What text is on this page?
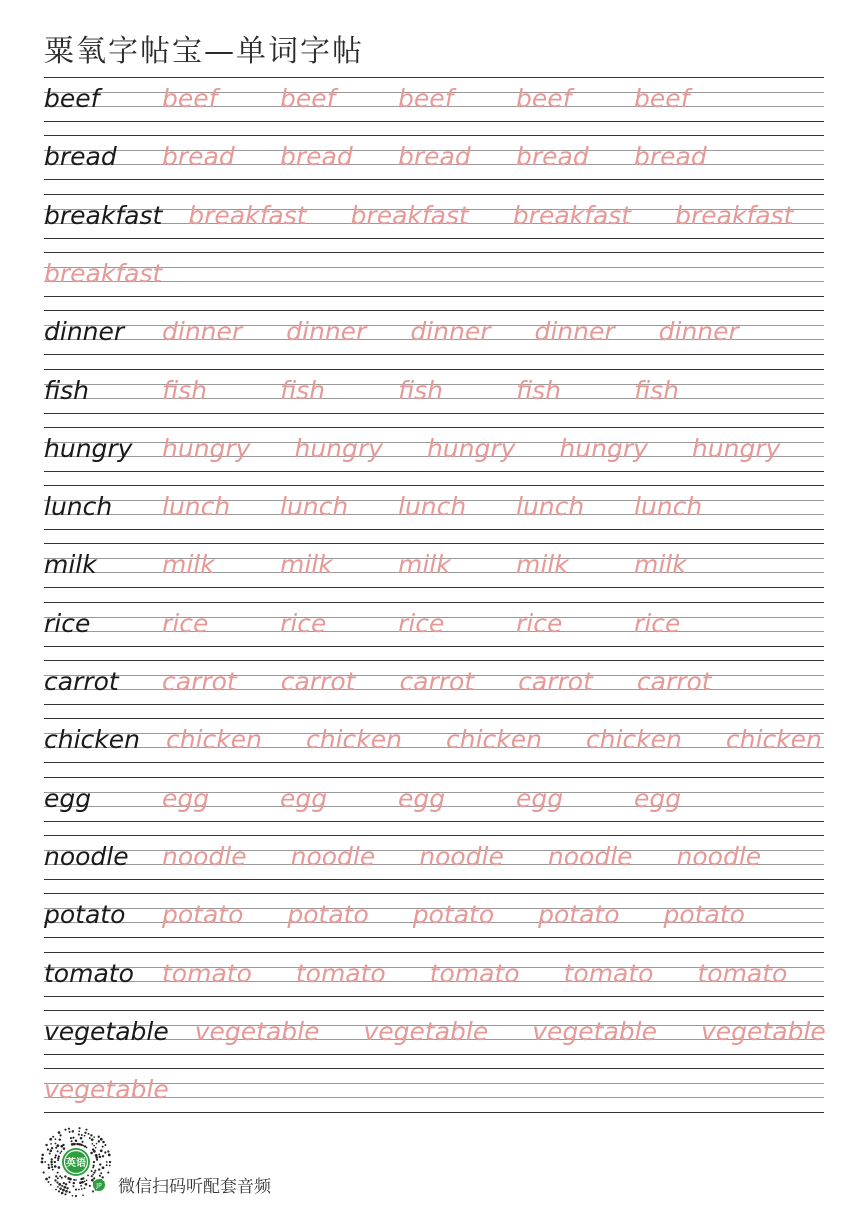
粟氧字帖宝—单词字帖
beef	beef	beef	beef	beef	beef
bread bread bread bread bread bread
breakfast breakfast breakfast breakfast breakfast
breakfast
dinner dinner dinner dinner dinner dinner
fish	fish	fish	fish	fish	fish
hungry hungry hungry hungry hungry hungry
lunch lunch lunch lunch lunch lunch
milk	milk	milk	milk	milk	milk
rice	rice	rice	rice	rice	rice
carrot carrot carrot carrot carrot carrot
chicken chicken chicken chicken chicken chicken
egg	egg	egg	egg	egg	egg
noodle noodle noodle noodle noodle noodle
potato potato potato potato potato potato
tomato tomato tomato tomato tomato tomato
vegetable vegetable vegetable vegetable vegetable
vegetable
英语
JP 微信扫码听配套音频
